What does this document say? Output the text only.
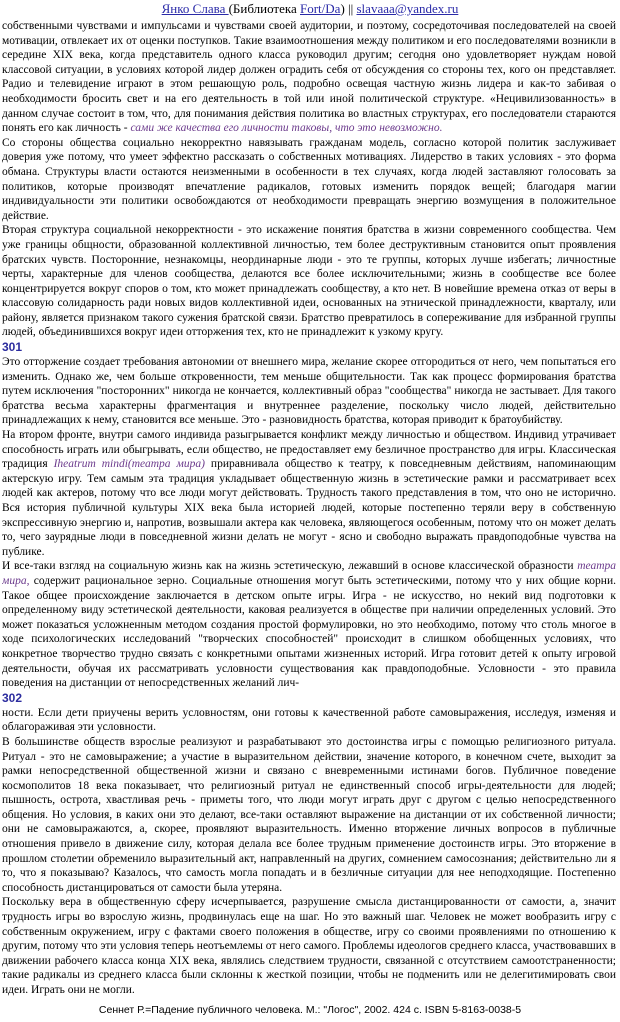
Янко Слава (Библиотека Fort/Da) || slavaaa@yandex.ru

собственными чувствами и импульсами и чувствами своей аудитории, и поэтому, сосредоточивая последователей на своей мотивации, отвлекает их от оценки поступков. Такие взаимоотношения между политиком и его последователями возникли в середине XIX века, когда представитель одного класса руководил другим; сегодня оно удовлетворяет нуждам новой классовой ситуации, в условиях которой лидер должен оградить себя от обсуждения со стороны тех, кого он представляет. Радио и телевидение играют в этом решающую роль, подробно освещая частную жизнь лидера и как-то забивая о необходимости бросить свет и на его деятельность в той или иной политической структуре. «Нецивилизованность» в данном случае состоит в том, что, для понимания действия политика во властных структурах, его последователи стараются понять его как личность - сами же качества его личности таковы, что это невозможно.

Со стороны общества социально некорректно навязывать гражданам модель, согласно которой политик заслуживает доверия уже потому, что умеет эффектно рассказать о собственных мотивациях. Лидерство в таких условиях - это форма обмана. Структуры власти остаются неизменными в особенности в тех случаях, когда людей заставляют голосовать за политиков, которые производят впечатление радикалов, готовых изменить порядок вещей; благодаря магии индивидуальности эти политики освобождаются от необходимости превращать энергию возмущения в положительное действие.

Вторая структура социальной некорректности - это искажение понятия братства в жизни современного сообщества. Чем уже границы общности, образованной коллективной личностью, тем более деструктивным становится опыт проявления братских чувств. Посторонние, незнакомцы, неординарные люди - это те группы, которых лучше избегать; личностные черты, характерные для членов сообщества, делаются все более исключительными; жизнь в сообществе все более концентрируется вокруг споров о том, кто может принадлежать сообществу, а кто нет. В новейшие времена отказ от веры в классовую солидарность ради новых видов коллективной идеи, основанных на этнической принадлежности, кварталу, или району, является признаком такого сужения братской связи. Братство превратилось в сопереживание для избранной группы людей, объединившихся вокруг идеи отторжения тех, кто не принадлежит к узкому кругу.

301

Это отторжение создает требования автономии от внешнего мира, желание скорее отгородиться от него, чем попытаться его изменить. Однако же, чем больше откровенности, тем меньше общительности. Так как процесс формирования братства путем исключения "посторонних" никогда не кончается, коллективный образ "сообщества" никогда не застывает. Для такого братства весьма характерны фрагментация и внутреннее разделение, поскольку число людей, действительно принадлежащих к нему, становится все меньше. Это - разновидность братства, которая приводит к братоубийству.

На втором фронте, внутри самого индивида разыгрывается конфликт между личностью и обществом. Индивид утрачивает способность играть или обыгрывать, если общество, не предоставляет ему безличное пространство для игры. Классическая традиция Iheatrum mindi(театра мира) приравнивала общество к театру, к повседневным действиям, напоминающим актерскую игру. Тем самым эта традиция укладывает общественную жизнь в эстетические рамки и рассматривает всех людей как актеров, потому что все люди могут действовать. Трудность такого представления в том, что оно не исторично. Вся история публичной культуры XIX века была историей людей, которые постепенно теряли веру в собственную экспрессивную энергию и, напротив, возвышали актера как человека, являющегося особенным, потому что он может делать то, чего заурядные люди в повседневной жизни делать не могут - ясно и свободно выражать правдоподобные чувства на публике.

И все-таки взгляд на социальную жизнь как на жизнь эстетическую, лежавший в основе классической образности театра мира, содержит рациональное зерно. Социальные отношения могут быть эстетическими, потому что у них общие корни. Такое общее происхождение заключается в детском опыте игры. Игра - не искусство, но некий вид подготовки к определенному виду эстетической деятельности, каковая реализуется в обществе при наличии определенных условий. Это может показаться усложненным методом создания простой формулировки, но это необходимо, потому что столь многое в ходе психологических исследований "творческих способностей" происходит в слишком обобщенных условиях, что конкретное творчество трудно связать с конкретными опытами жизненных историй. Игра готовит детей к опыту игровой деятельности, обучая их рассматривать условности существования как правдоподобные. Условности - это правила поведения на дистанции от непосредственных желаний лич-

302

ности. Если дети приучены верить условностям, они готовы к качественной работе самовыражения, исследуя, изменяя и облагораживая эти условности.

В большинстве обществ взрослые реализуют и разрабатывают это достоинства игры с помощью религиозного ритуала. Ритуал - это не самовыражение; а участие в выразительном действии, значение которого, в конечном счете, выходит за рамки непосредственной общественной жизни и связано с вневременными истинами богов. Публичное поведение космополитов 18 века показывает, что религиозный ритуал не единственный способ игры-деятельности для людей; пышность, острота, хвастливая речь - приметы того, что люди могут играть друг с другом с целью непосредственного общения. Но условия, в каких они это делают, все-таки оставляют выражение на дистанции от их собственной личности; они не самовыражаются, а, скорее, проявляют выразительность. Именно вторжение личных вопросов в публичные отношения привело в движение силу, которая делала все более трудным применение достоинств игры. Это вторжение в прошлом столетии обременило выразительный акт, направленный на других, сомнением самосознания; действительно ли я то, что я показываю? Казалось, что самость могла попадать и в безличные ситуации для нее неподходящие. Постепенно способность дистанцироваться от самости была утеряна.

Поскольку вера в общественную сферу исчерпывается, разрушение смысла дистанцированности от самости, а, значит трудность игры во взрослую жизнь, продвинулась еще на шаг. Но это важный шаг. Человек не может вообразить игру с собственным окружением, игру с фактами своего положения в обществе, игру со своими проявлениями по отношению к другим, потому что эти условия теперь неотъемлемы от него самого. Проблемы идеологов среднего класса, участвовавших в движении рабочего класса конца XIX века, являлись следствием трудности, связанной с отсутствием самоотстраненности; такие радикалы из среднего класса были склонны к жесткой позиции, чтобы не подменить или не делегитимировать свои идеи. Играть они не могли.

Сеннет Р.=Падение публичного человека. М.: "Логос", 2002. 424 с. ISBN 5-8163-0038-5
